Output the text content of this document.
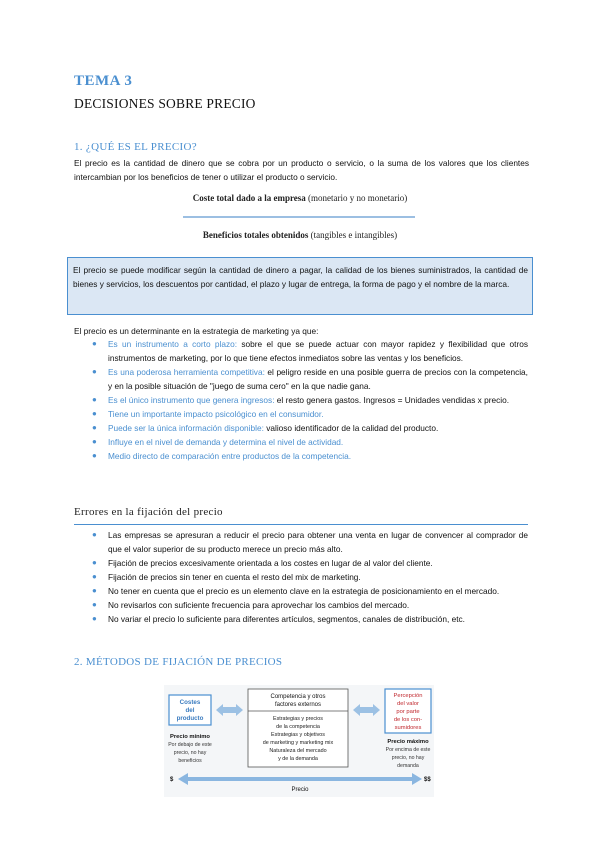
TEMA 3
DECISIONES SOBRE PRECIO
1. ¿QUÉ ES EL PRECIO?
El precio es la cantidad de dinero que se cobra por un producto o servicio, o la suma de los valores que los clientes intercambian por los beneficios de tener o utilizar el producto o servicio.
Coste total dado a la empresa (monetario y no monetario)
Beneficios totales obtenidos (tangibles e intangibles)
El precio se puede modificar según la cantidad de dinero a pagar, la calidad de los bienes suministrados, la cantidad de bienes y servicios, los descuentos por cantidad, el plazo y lugar de entrega, la forma de pago y el nombre de la marca.
El precio es un determinante en la estrategia de marketing ya que:
● Es un instrumento a corto plazo: sobre el que se puede actuar con mayor rapidez y flexibilidad que otros instrumentos de marketing, por lo que tiene efectos inmediatos sobre las ventas y los beneficios.
● Es una poderosa herramienta competitiva: el peligro reside en una posible guerra de precios con la competencia, y en la posible situación de "juego de suma cero" en la que nadie gana.
● Es el único instrumento que genera ingresos: el resto genera gastos. Ingresos = Unidades vendidas x precio.
● Tiene un importante impacto psicológico en el consumidor.
● Puede ser la única información disponible: valioso identificador de la calidad del producto.
● Influye en el nivel de demanda y determina el nivel de actividad.
● Medio directo de comparación entre productos de la competencia.
Errores en la fijación del precio
● Las empresas se apresuran a reducir el precio para obtener una venta en lugar de convencer al comprador de que el valor superior de su producto merece un precio más alto.
● Fijación de precios excesivamente orientada a los costes en lugar de al valor del cliente.
● Fijación de precios sin tener en cuenta el resto del mix de marketing.
● No tener en cuenta que el precio es un elemento clave en la estrategia de posicionamiento en el mercado.
● No revisarlos con suficiente frecuencia para aprovechar los cambios del mercado.
● No variar el precio lo suficiente para diferentes artículos, segmentos, canales de distribución, etc.
2. MÉTODOS DE FIJACIÓN DE PRECIOS
Costes
del
producto
Competencia y otros
factores externos
Estrategias y precios
de la competencia
Estrategias y objetivos
de marketing y marketing mix
Naturaleza del mercado
y de la demanda
Percepción
del valor
por parte
de los con-
sumidores
Precio mínimo
Por debajo de este
precio, no hay
beneficios
Precio máximo
Por encima de este
precio, no hay
demanda
$	$$
Precio
